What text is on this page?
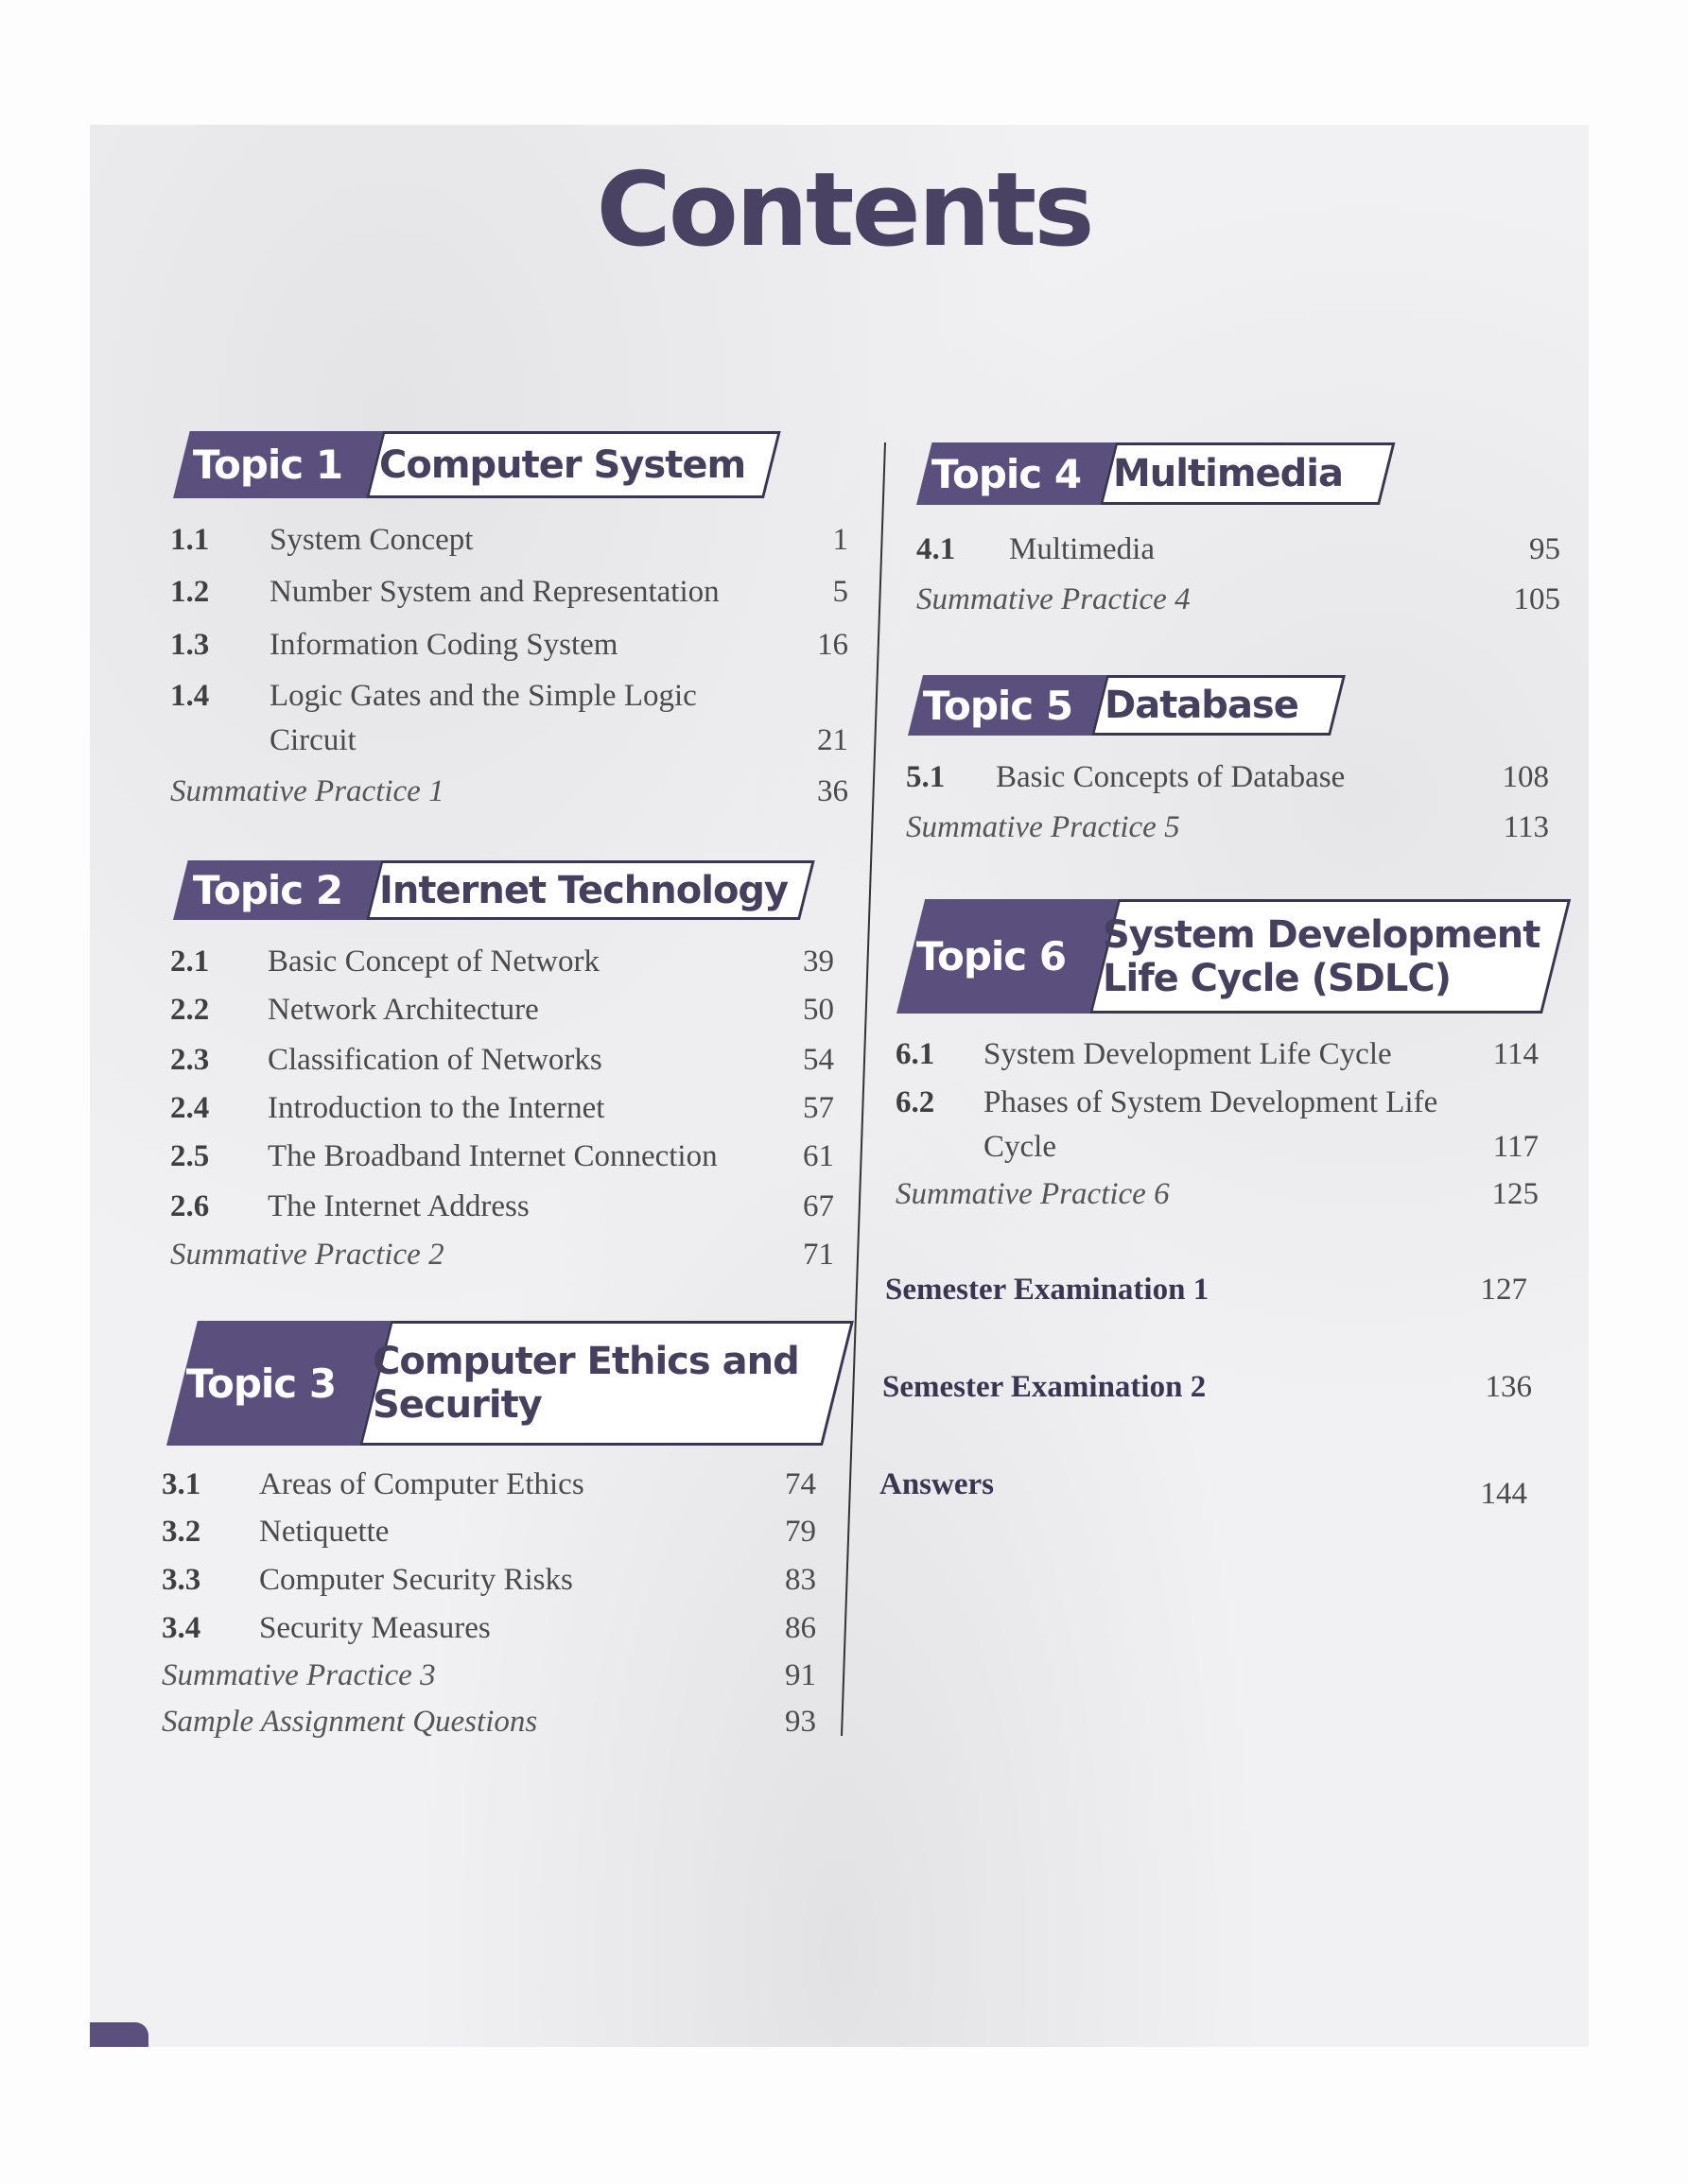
Contents
Topic 1 Computer System
1.1 System Concept	1
1.2 Number System and Representation	5
1.3 Information Coding System	16
1.4 Logic Gates and the Simple Logic
Circuit	21
Summative Practice 1	36
Topic 2 Internet Technology
2.1 Basic Concept of Network	39
2.2 Network Architecture	50
2.3 Classification of Networks	54
2.4 Introduction to the Internet	57
2.5 The Broadband Internet Connection	61
2.6 The Internet Address	67
Summative Practice 2	71
Topic 3 Computer Ethics and
Security
3.1 Areas of Computer Ethics	74
3.2 Netiquette	79
3.3 Computer Security Risks	83
3.4 Security Measures	86
Summative Practice 3	91
Sample Assignment Questions	93
Topic 4 Multimedia
4.1 Multimedia	95
Summative Practice 4	105
Topic 5 Database
5.1 Basic Concepts of Database	108
Summative Practice 5	113
Topic 6 System Development
Life Cycle (SDLC)
6.1 System Development Life Cycle	114
6.2 Phases of System Development Life
Cycle	117
Summative Practice 6	125
Semester Examination 1	127
Semester Examination 2	136
Answers	144
